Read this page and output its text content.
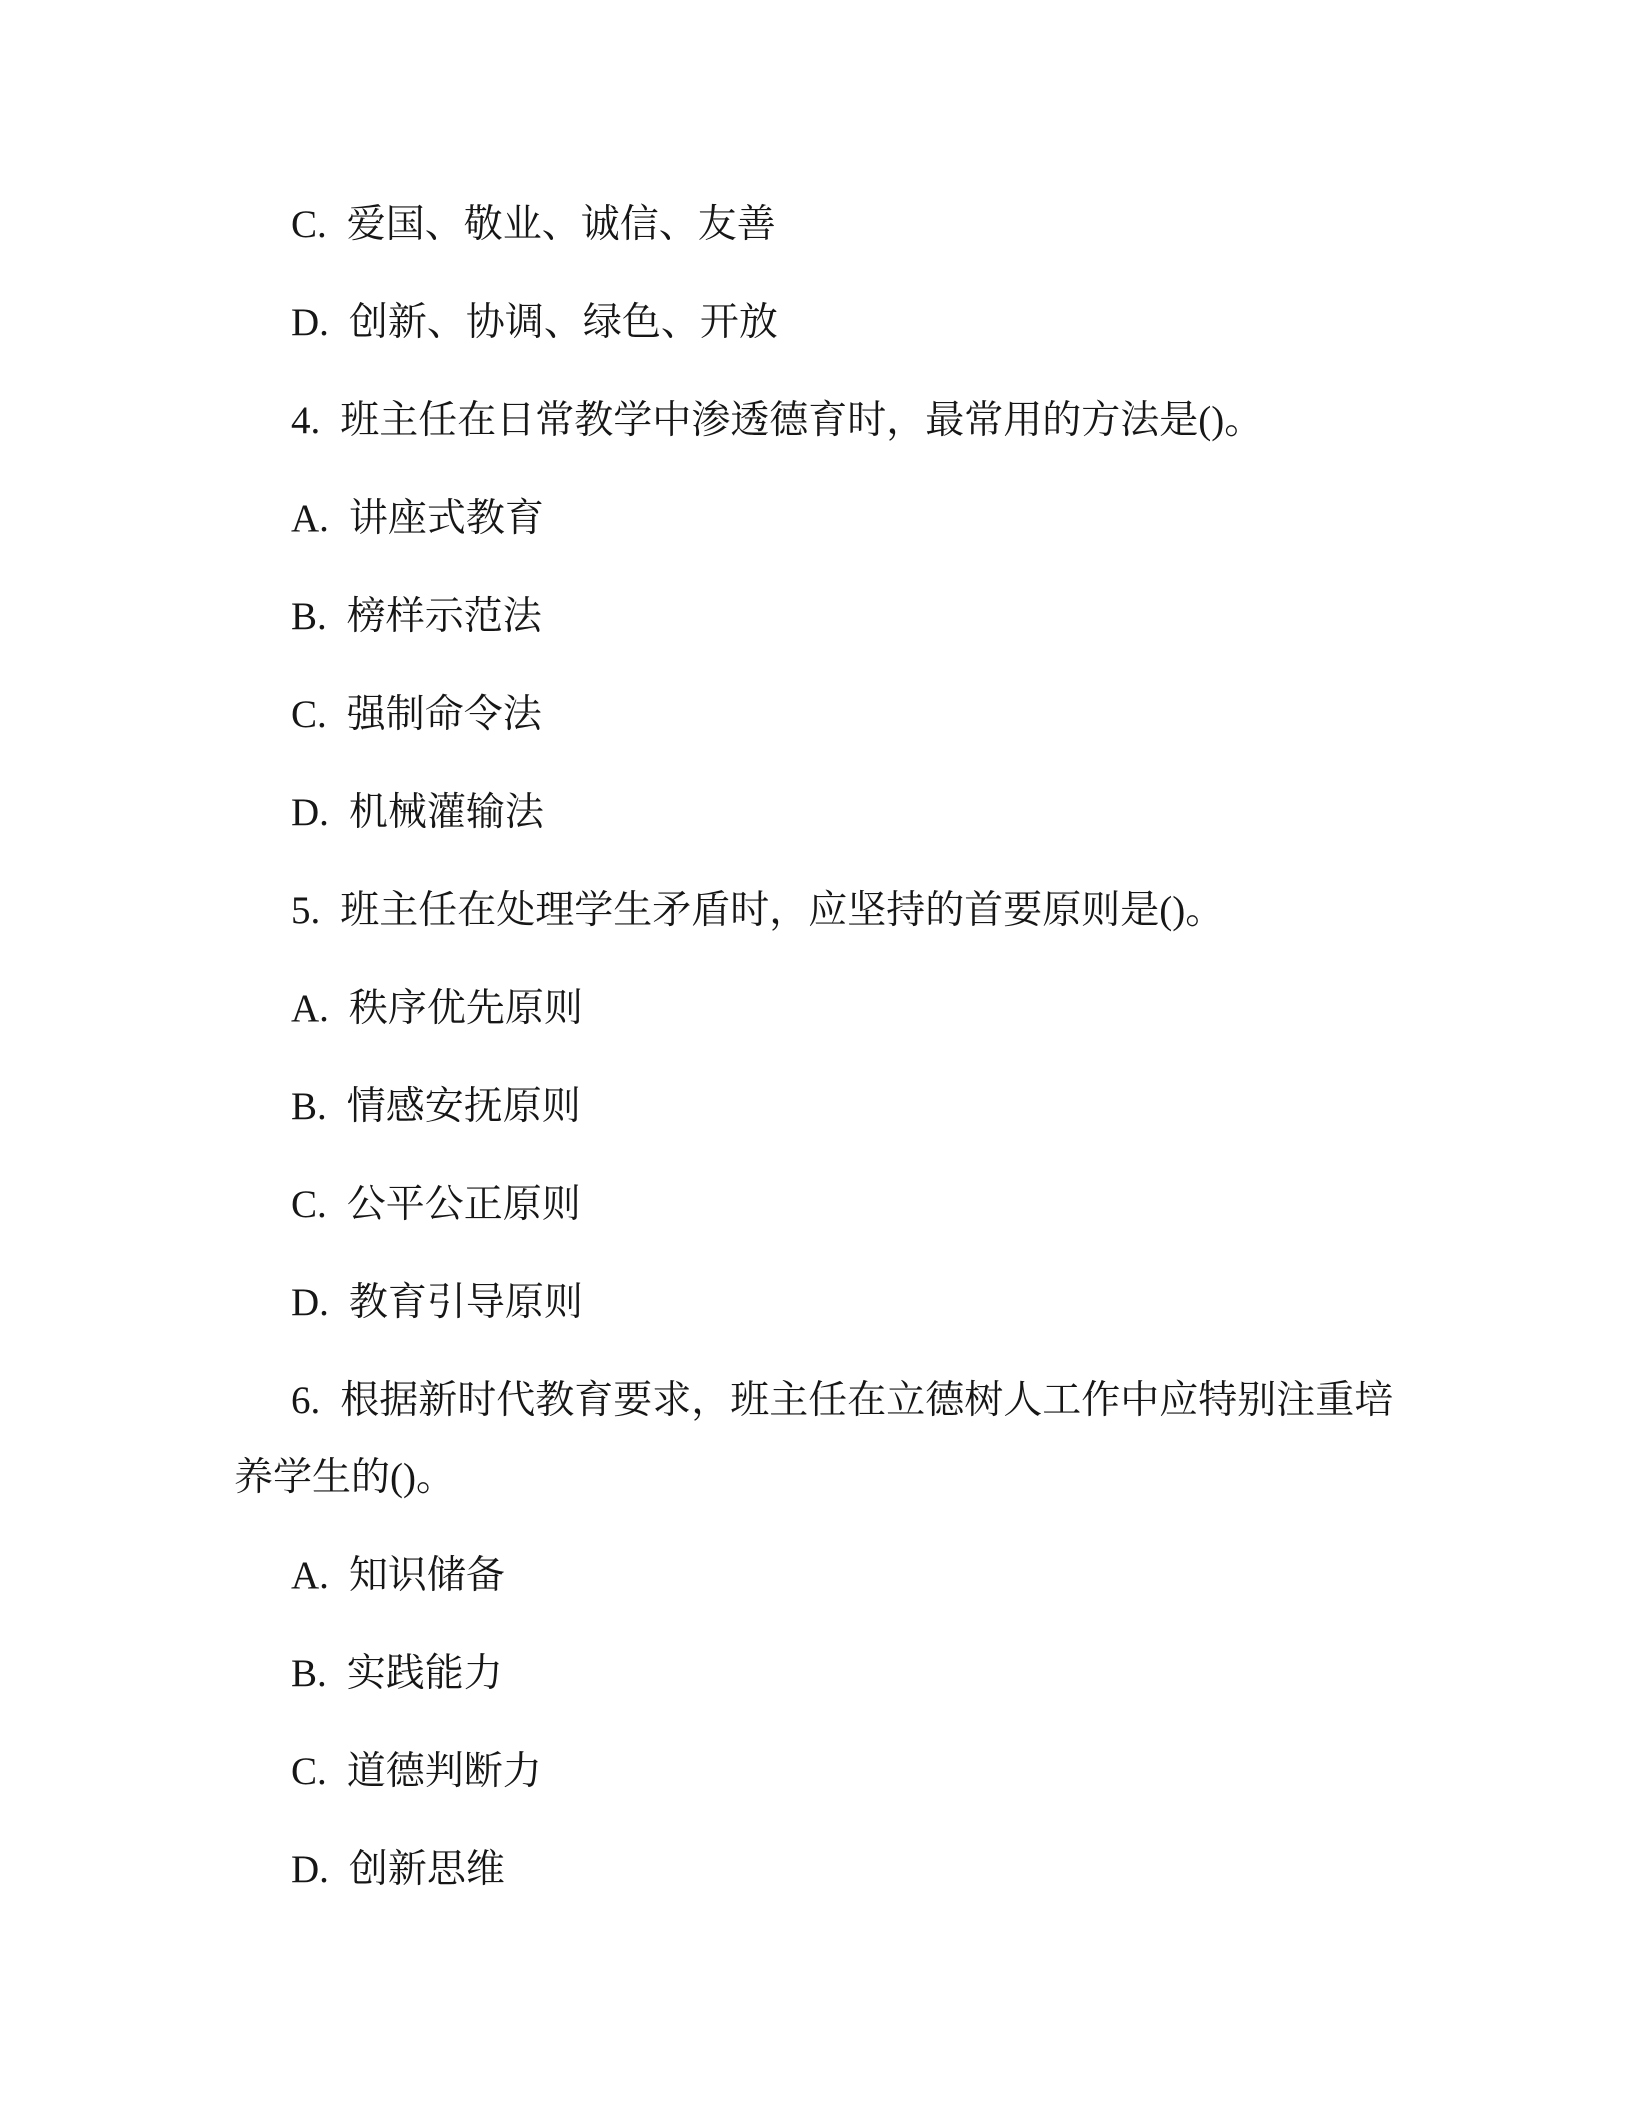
C. 爱国、敬业、诚信、友善

D. 创新、协调、绿色、开放

4. 班主任在日常教学中渗透德育时，最常用的方法是()。

A. 讲座式教育

B. 榜样示范法

C. 强制命令法

D. 机械灌输法

5. 班主任在处理学生矛盾时，应坚持的首要原则是()。

A. 秩序优先原则

B. 情感安抚原则

C. 公平公正原则

D. 教育引导原则

6. 根据新时代教育要求，班主任在立德树人工作中应特别注重培养学生的()。

A. 知识储备

B. 实践能力

C. 道德判断力

D. 创新思维
